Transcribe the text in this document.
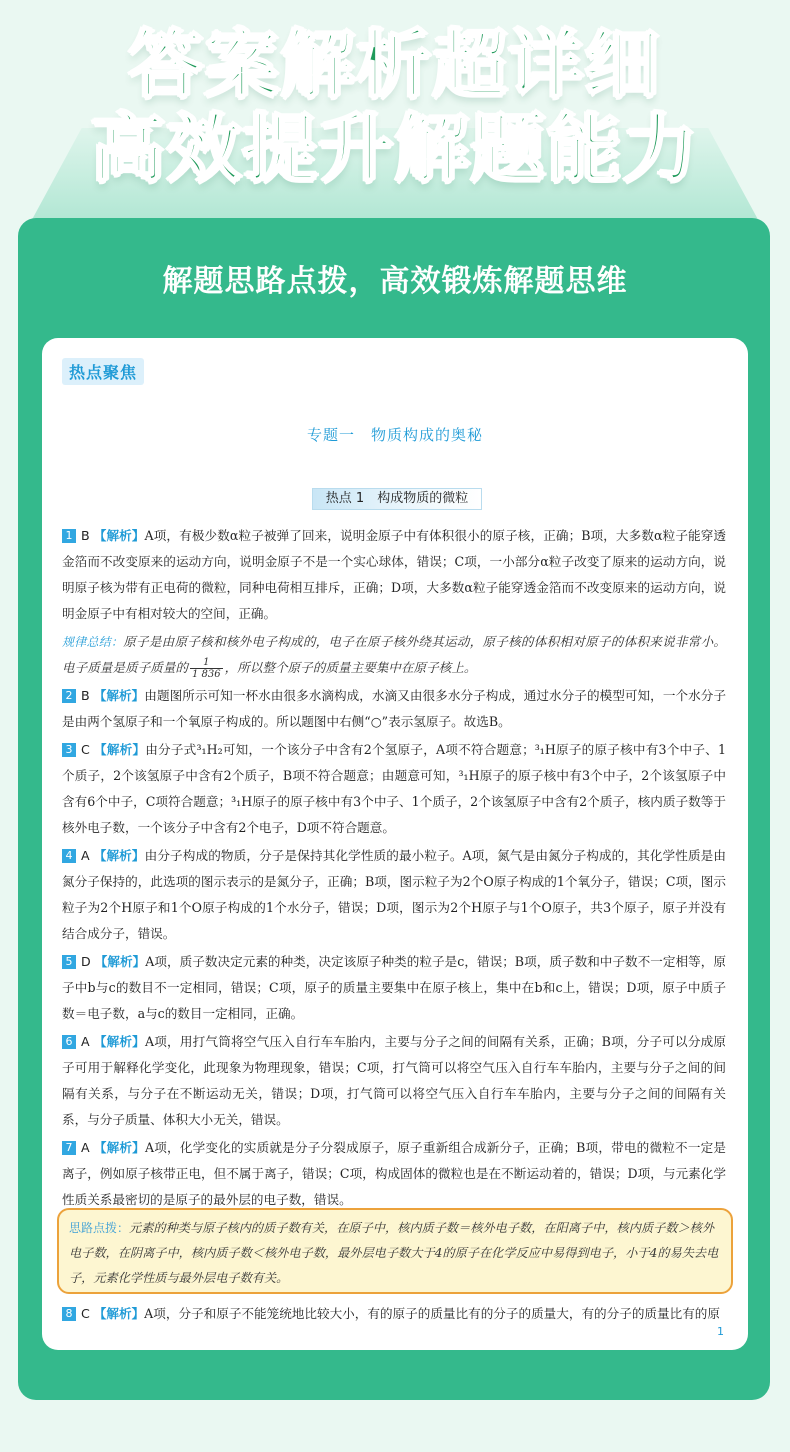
答案解析超详细
高效提升解题能力
解题思路点拨，高效锻炼解题思维
热点聚焦
专题一　物质构成的奥秘
热点 1　构成物质的微粒
1 B 【解析】A项，有极少数α粒子被弹了回来，说明金原子中有体积很小的原子核，正确；B项，大多数α粒子能穿透金箔而不改变原来的运动方向，说明金原子不是一个实心球体，错误；C项，一小部分α粒子改变了原来的运动方向，说明原子核为带有正电荷的微粒，同种电荷相互排斥，正确；D项，大多数α粒子能穿透金箔而不改变原来的运动方向，说明金原子中有相对较大的空间，正确。
规律总结：原子是由原子核和核外电子构成的，电子在原子核外绕其运动，原子核的体积相对原子的体积来说非常小。电子质量是质子质量的 $\frac{1}{1 836}$ ，所以整个原子的质量主要集中在原子核上。
2 B 【解析】由题图所示可知一杯水由很多水滴构成，水滴又由很多水分子构成，通过水分子的模型可知，一个水分子是由两个氢原子和一个氧原子构成的。所以题图中右侧“○”表示氢原子。故选B。
3 C 【解析】由分子式³₁H₂可知，一个该分子中含有2个氢原子，A项不符合题意；³₁H原子的原子核中有3个中子、1个质子，2个该氢原子中含有2个质子，B项不符合题意；由题意可知，³₁H原子的原子核中有3个中子，2个该氢原子中含有6个中子，C项符合题意；³₁H原子的原子核中有3个中子、1个质子，2个该氢原子中含有2个质子，核内质子数等于核外电子数，一个该分子中含有2个电子，D项不符合题意。
4 A 【解析】由分子构成的物质，分子是保持其化学性质的最小粒子。A项，氮气是由氮分子构成的，其化学性质是由氮分子保持的，此选项的图示表示的是氮分子，正确；B项，图示粒子为2个O原子构成的1个氧分子，错误；C项，图示粒子为2个H原子和1个O原子构成的1个水分子，错误；D项，图示为2个H原子与1个O原子，共3个原子，原子并没有结合成分子，错误。
5 D 【解析】A项，质子数决定元素的种类，决定该原子种类的粒子是c，错误；B项，质子数和中子数不一定相等，原子中b与c的数目不一定相同，错误；C项，原子的质量主要集中在原子核上，集中在b和c上，错误；D项，原子中质子数＝电子数，a与c的数目一定相同，正确。
6 A 【解析】A项，用打气筒将空气压入自行车车胎内，主要与分子之间的间隔有关系，正确；B项，分子可以分成原子可用于解释化学变化，此现象为物理现象，错误；C项，打气筒可以将空气压入自行车车胎内，主要与分子之间的间隔有关系，与分子在不断运动无关，错误；D项，打气筒可以将空气压入自行车车胎内，主要与分子之间的间隔有关系，与分子质量、体积大小无关，错误。
7 A 【解析】A项，化学变化的实质就是分子分裂成原子，原子重新组合成新分子，正确；B项，带电的微粒不一定是离子，例如原子核带正电，但不属于离子，错误；C项，构成固体的微粒也是在不断运动着的，错误；D项，与元素化学性质关系最密切的是原子的最外层的电子数，错误。
8 C 【解析】A项，分子和原子不能笼统地比较大小，有的原子的质量比有的分子的质量大，有的分子的质量比有的原
1
思路点拨：元素的种类与原子核内的质子数有关，在原子中，核内质子数＝核外电子数，在阳离子中，核内质子数＞核外电子数，在阴离子中，核内质子数＜核外电子数，最外层电子数大于4的原子在化学反应中易得到电子，小于4的易失去电子，元素化学性质与最外层电子数有关。
